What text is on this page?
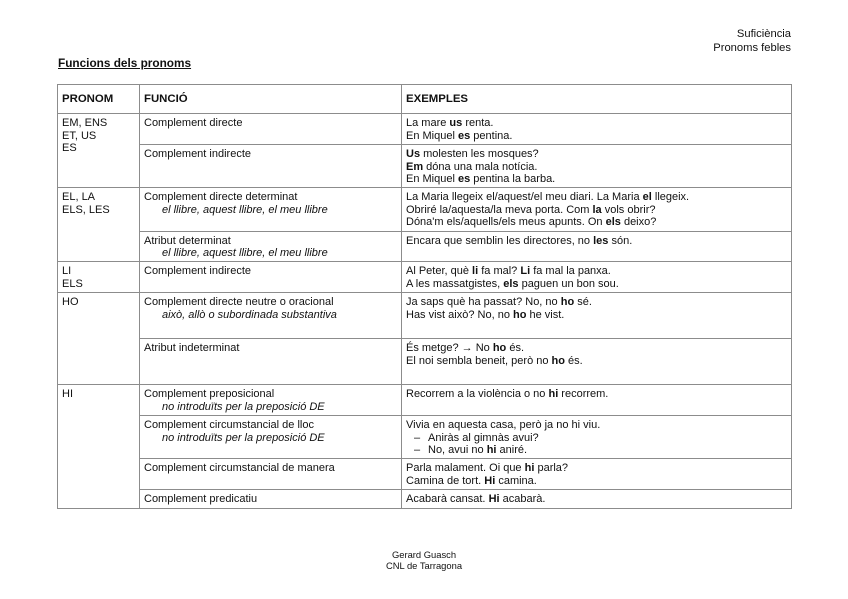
Suficiència
Pronoms febles
Funcions dels pronoms
PRONOM	FUNCIÓ	EXEMPLES
EM, ENS
ET, US
ES	Complement directe	La mare us renta.
En Miquel es pentina.

	Complement indirecte	Us molesten les mosques?
Em dóna una mala notícia.
En Miquel es pentina la barba.

EL, LA
ELS, LES	Complement directe determinat
el llibre, aquest llibre, el meu llibre	La Maria llegeix el/aquest/el meu diari. La Maria el llegeix.
Obriré la/aquesta/la meva porta. Com la vols obrir?
Dóna'm els/aquells/els meus apunts. On els deixo?

	Atribut determinat
el llibre, aquest llibre, el meu llibre	Encara que semblin les directores, no les són.

LI
ELS	Complement indirecte	Al Peter, què li fa mal? Li fa mal la panxa.
A les massatgistes, els paguen un bon sou.

HO	Complement directe neutre o oracional
això, allò o subordinada substantiva	Ja saps què ha passat? No, no ho sé.
Has vist això? No, no ho he vist.

	Atribut indeterminat	És metge? → No ho és.
El noi sembla beneit, però no ho és.

HI	Complement preposicional
no introduïts per la preposició DE	Recorrem a la violència o no hi recorrem.

	Complement circumstancial de lloc
no introduïts per la preposició DE	Vivia en aquesta casa, però ja no hi viu.
– Aniràs al gimnàs avui?
– No, avui no hi aniré.

	Complement circumstancial de manera	Parla malament. Oi que hi parla?
Camina de tort. Hi camina.

	Complement predicatiu	Acabarà cansat. Hi acabarà.
Gerard Guasch
CNL de Tarragona
